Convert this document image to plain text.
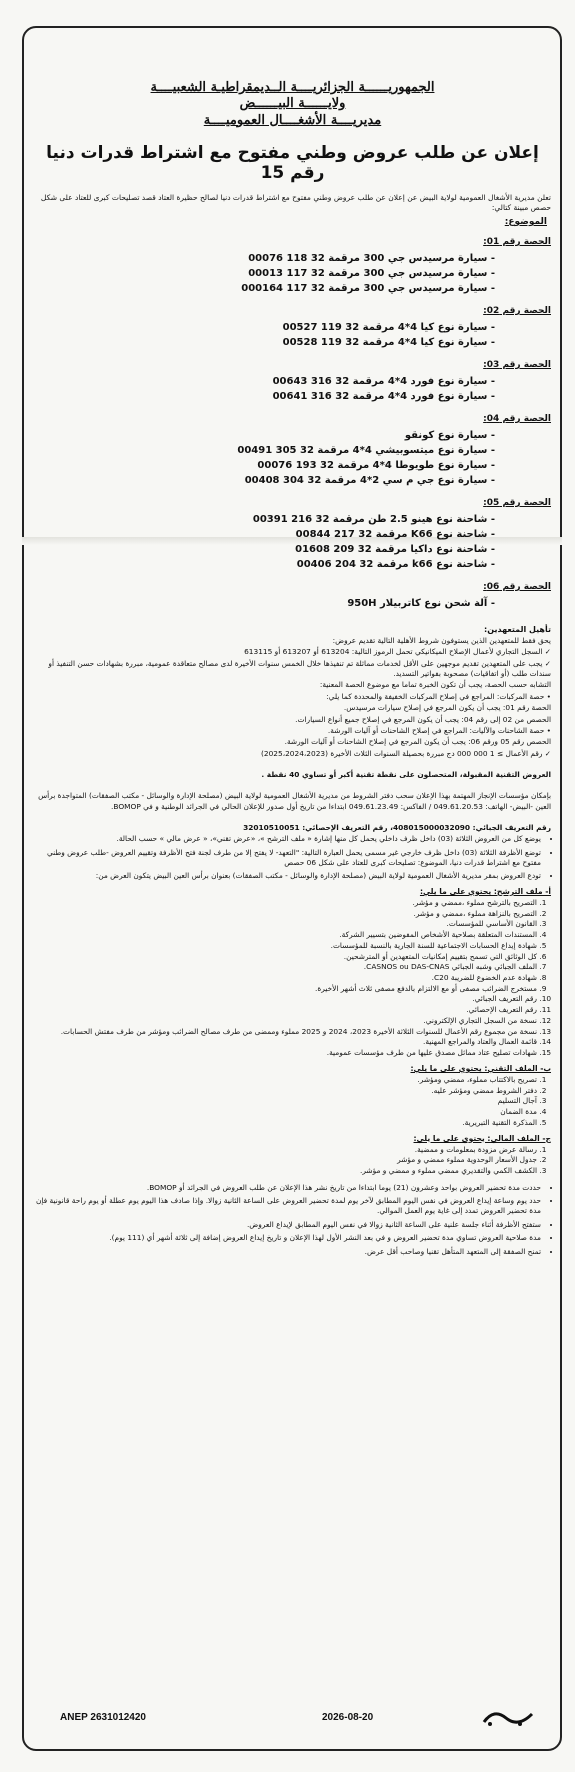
الجمهوريــــــة الجزائريــــة الــديمقراطيـة الشعبيــــة
ولايــــــة البيــــــض
مديريــــة الأشغــــال العموميــــة
إعلان عن طلب عروض وطني مفتوح مع اشتراط قدرات دنيا رقم 15
تعلن مديرية الأشغال العمومية لولاية البيض عن إعلان عن طلب عروض وطني مفتوح مع اشتراط قدرات دنيا لصالح حظيرة العتاد قصد تصليحات كبرى للعتاد على شكل حصص مبينة كتالي:
الموضوع:
الحصة رقم 01:
- سيارة مرسيدس جي 300 مرقمة 32 118 00076
- سيارة مرسيدس جي 300 مرقمة 32 117 00013
- سيارة مرسيدس جي 300 مرقمة 32 117 000164
الحصة رقم 02:
- سيارة نوع كيا 4*4 مرقمة 32 119 00527
- سيارة نوع كيا 4*4 مرقمة 32 119 00528
الحصة رقم 03:
- سيارة نوع فورد 4*4 مرقمة 32 316 00643
- سيارة نوع فورد 4*4 مرقمة 32 316 00641
الحصة رقم 04:
- سيارة نوع كونقو
- سيارة نوع ميتسوبيشي 4*4 مرقمة 32 305 00491
- سيارة نوع طويوطا 4*4 مرقمة 32 193 00076
- سيارة نوع جي م سي 2*4 مرقمة 32 304 00408
الحصة رقم 05:
- شاحنة نوع هينو 2.5 طن مرقمة 32 216 00391
- شاحنة نوع K66 مرقمة 32 217 00844
- شاحنة نوع داكيا مرقمة 32 209 01608
- شاحنة نوع k66 مرقمة 32 204 00406
الحصة رقم 06:
- آلة شحن نوع كاتربيلار 950H
تأهيل المتعهدين:

يحق فقط للمتعهدين الذين يستوفون شروط الأهلية التالية تقديم عروض:

✓ السجل التجاري لأعمال الإصلاح الميكانيكي تحمل الرموز التالية: 613204 أو 613207 أو 613115

✓ يجب على المتعهدين تقديم موجهين على الأقل لخدمات مماثلة تم تنفيذها خلال الخمس سنوات الأخيرة لدى مصالح متعاقدة عمومية، مبررة بشهادات حسن التنفيذ أو سندات طلب (أو اتفاقيات) مصحوبة بفواتير التسديد.

التشابه حسب الحصة، يجب أن تكون الخبرة تماما مع موضوع الحصة المعنية:

• حصة المركبات: المراجع في إصلاح المركبات الخفيفة والمحددة كما يلي:

الحصة رقم 01: يجب أن يكون المرجع في إصلاح سيارات مرسيدس.

الحصص من 02 إلى رقم 04: يجب أن يكون المرجع في إصلاح جميع أنواع السيارات.

• حصة الشاحنات والآليات: المراجع في إصلاح الشاحنات أو آليات الورشة.

الحصص رقم 05 ورقم 06: يجب أن يكون المرجع في إصلاح الشاحنات أو آليات الورشة.

✓ رقم الأعمال ≥ 1 000 000 دج مبررة بحصيلة السنوات الثلاث الأخيرة (2025،2024،2023)

العروض التقنية المقبولة، المتحصلون على نقطة تقنية أكبر أو تساوي 40 نقطة .

بإمكان مؤسسات الإنجاز المهتمة بهذا الإعلان سحب دفتر الشروط من مديرية الأشغال العمومية لولاية البيض (مصلحة الإدارة والوسائل - مكتب الصفقات) المتواجدة برأس العين -البيض- الهاتف: 049.61.20.53 / الفاكس: 049.61.23.49 ابتداءا من تاريخ أول صدور للإعلان الحالي في الجرائد الوطنية و في BOMOP.

رقم التعريف الجبائي: 408015000032090، رقم التعريف الإحصائي: 32010510051

• يوضع كل من العروض الثلاثة (03) داخل ظرف داخلي يحمل كل منها إشارة « ملف الترشح »، «عرض تقني»، « عرض مالي » حسب الحالة.
• توضع الأظرفة الثلاثة (03) داخل ظرف خارجي غير مسمى يحمل العبارة التالية: "التعهد- لا يفتح إلا من طرف لجنة فتح الأظرفة وتقييم العروض -طلب عروض وطني مفتوح مع اشتراط قدرات دنيا، الموضوع: تصليحات كبرى للعتاد على شكل 06 حصص
• تودع العروض بمقر مديرية الأشغال العمومية لولاية البيض (مصلحة الإدارة والوسائل - مكتب الصفقات) بعنوان برأس العين البيض يتكون العرض من:
أ- ملف الترشح: يحتوي على ما يلي:
1. التصريح بالترشح مملوء ،ممضي و مؤشر.
2. التصريح بالنزاهة مملوء ،ممضي و مؤشر.
3. القانون الأساسي للمؤسسات.
4. المستندات المتعلقة بصلاحية الأشخاص المفوضين بتسيير الشركة.
5. شهادة إيداع الحسابات الاجتماعية للسنة الجارية بالنسبة للمؤسسات.
6. كل الوثائق التي تسمح بتقييم إمكانيات المتعهدين أو المترشحين.
7. الملف الجبائي وشبه الجبائي CASNOS ou DAS-CNAS.
8. شهادة عدم الخضوع للضريبة C20.
9. مستخرج الضرائب مصفى أو مع الالتزام بالدفع مصفى ثلاث أشهر الأخيرة.
10. رقم التعريف الجبائي.
11. رقم التعريف الإحصائي.
12. نسخة من السجل التجاري الإلكتروني.
13. نسخة من مجموع رقم الأعمال للسنوات الثلاثة الأخيرة 2023، 2024 و 2025 مملوء وممضى من طرف مصالح الضرائب ومؤشر من طرف مفتش الحسابات.
14. قائمة العمال والعتاد والمراجع المهنية.
15. شهادات تصليح عتاد مماثل مصدق عليها من طرف مؤسسات عمومية.
ب- الملف التقني: يحتوي على ما يلي:
1. تصريح بالاكتتاب مملوء، ممضي ومؤشر.
2. دفتر الشروط ممضي ومؤشر عليه.
3. آجال التسليم
4. مدة الضمان
5. المذكرة التقنية التبريرية.
ج- الملف المالي: يحتوي على ما يلي:
1. رسالة عرض مزودة بمعلومات و ممضية.
2. جدول الأسعار الوحدوية مملوء ممضي و مؤشر
3. الكشف الكمي والتقديري ممضي مملوء و ممضي و مؤشر.
• حددت مدة تحضير العروض بواحد وعشرون (21) يوما ابتداءا من تاريخ نشر هذا الإعلان عن طلب العروض في الجرائد أو BOMOP.
• حدد يوم وساعة إيداع العروض في نفس اليوم المطابق لآخر يوم لمدة تحضير العروض على الساعة الثانية زوالا. وإذا صادف هذا اليوم يوم عطلة أو يوم راحة قانونية فإن مدة تحضير العروض تمدد إلى غاية يوم العمل الموالي.
• ستفتح الأظرفة أثناء جلسة علنية على الساعة الثانية زوالا في نفس اليوم المطابق لإيداع العروض.
• مدة صلاحية العروض تساوي مدة تحضير العروض و في بعد النشر الأول لهذا الإعلان و تاريخ إيداع العروض إضافة إلى ثلاثة أشهر أي (111 يوم).
• تمنح الصفقة إلى المتعهد المتأهل تقنيا وصاحب أقل عرض.
ANEP 2631012420	2026-08-20
